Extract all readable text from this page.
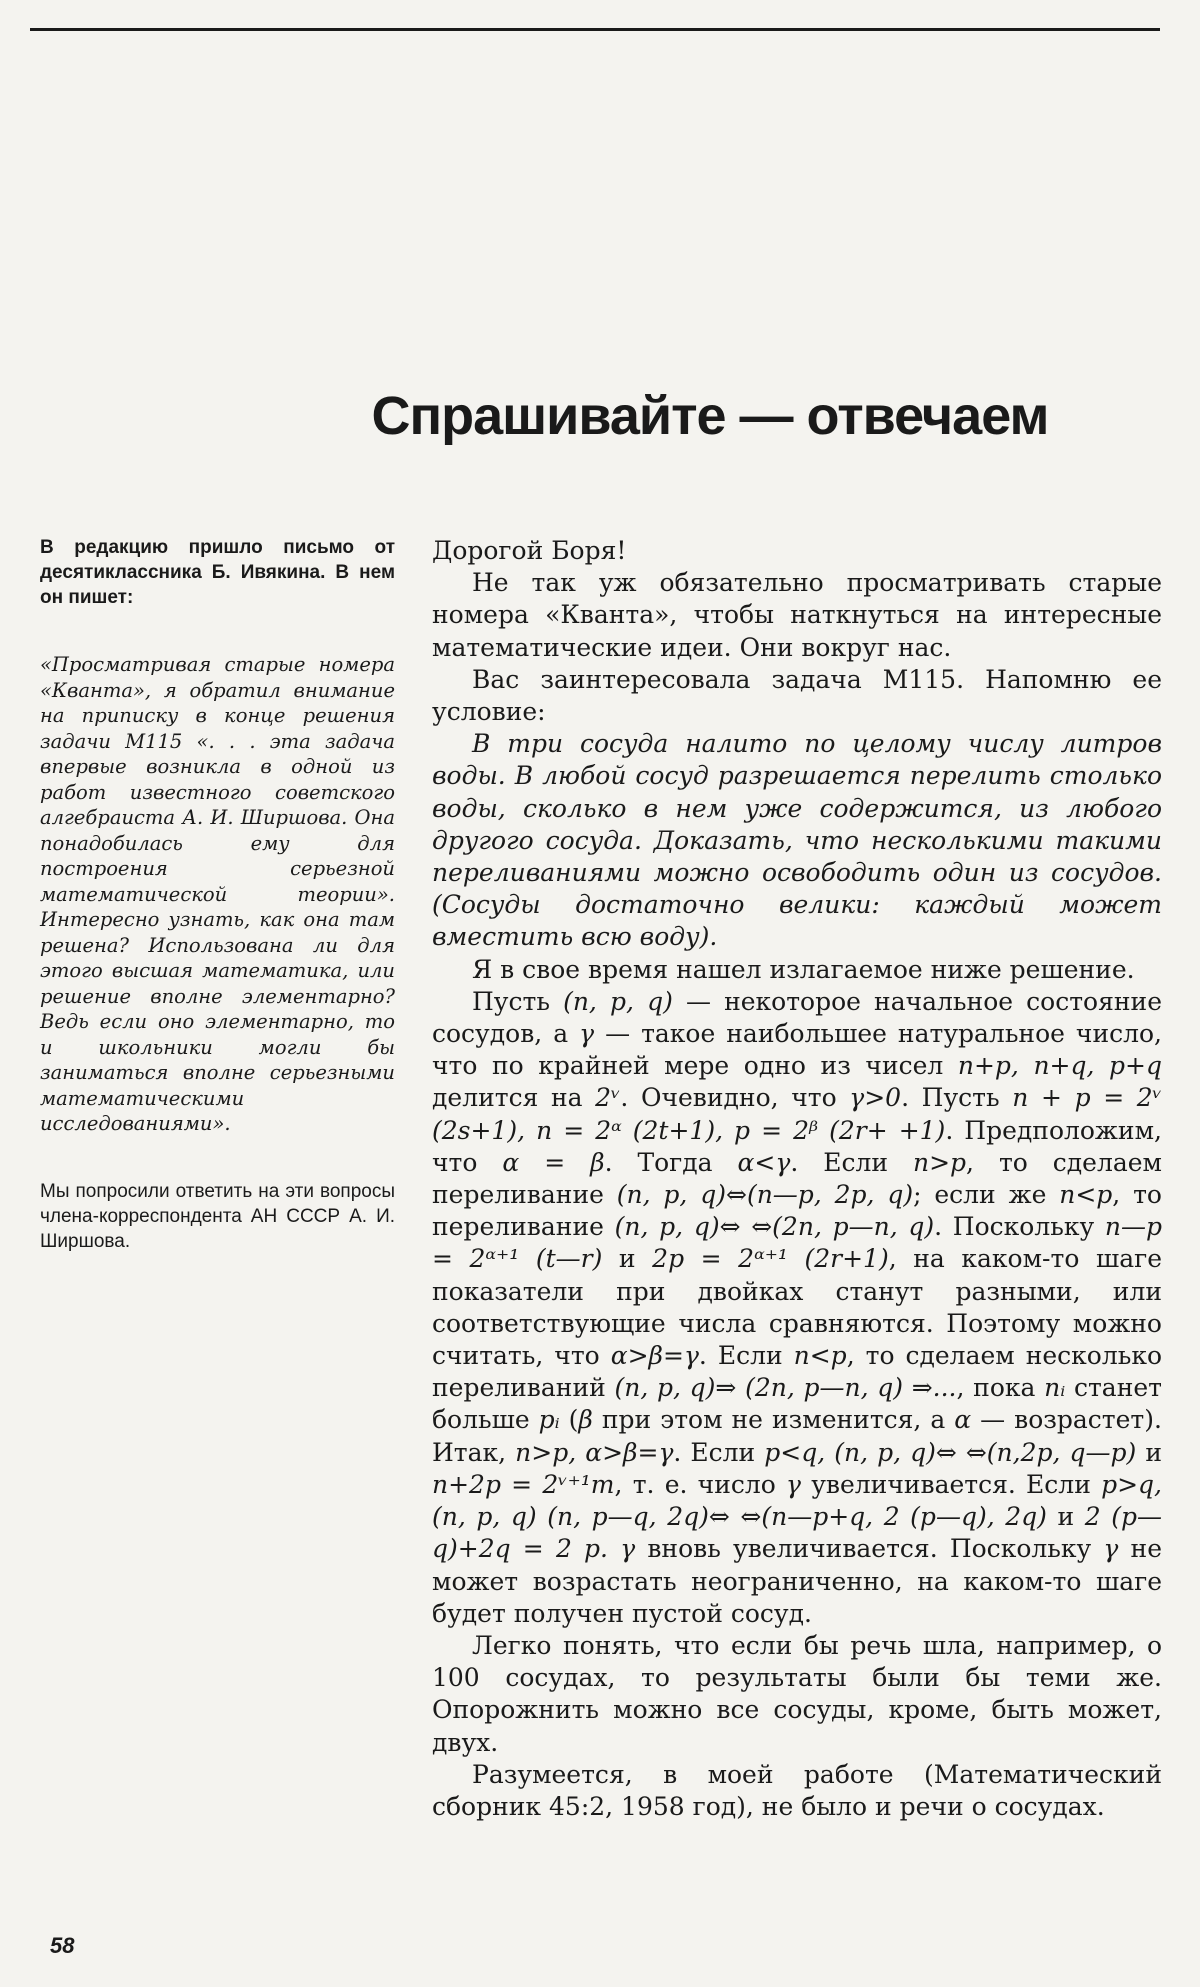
Спрашивайте — отвечаем

В редакцию пришло письмо от десятиклассника Б. Ивякина. В нем он пишет:

«Просматривая старые номера «Кванта», я обратил внимание на приписку в конце решения задачи М115 «. . . эта задача впервые возникла в одной из работ известного советского алгебраиста А. И. Ширшова. Она понадобилась ему для построения серьезной математической теории». Интересно узнать, как она там решена? Использована ли для этого высшая математика, или решение вполне элементарно? Ведь если оно элементарно, то и школьники могли бы заниматься вполне серьезными математическими исследованиями».

Мы попросили ответить на эти вопросы члена-корреспондента АН СССР А. И. Ширшова.

Дорогой Боря!

Не так уж обязательно просматривать старые номера «Кванта», чтобы наткнуться на интересные математические идеи. Они вокруг нас.

Вас заинтересовала задача М115. Напомню ее условие:

В три сосуда налито по целому числу литров воды. В любой сосуд разрешается перелить столько воды, сколько в нем уже содержится, из любого другого сосуда. Доказать, что несколькими такими переливаниями можно освободить один из сосудов. (Сосуды достаточно велики: каждый может вместить всю воду).

Я в свое время нашел излагаемое ниже решение.

Пусть (n, p, q) — некоторое начальное состояние сосудов, а γ — такое наибольшее натуральное число, что по крайней мере одно из чисел n+p, n+q, p+q делится на 2ᵛ. Очевидно, что γ>0. Пусть n + p = 2ᵛ (2s+1), n = 2ᵅ (2t+1), p = 2ᵝ (2r+ +1). Предположим, что α = β. Тогда α<γ. Если n>p, то сделаем переливание (n, p, q)⇔(n—p, 2p, q); если же n<p, то переливание (n, p, q)⇔ ⇔(2n, p—n, q). Поскольку n—p = 2ᵅ⁺¹ (t—r) и 2p = 2ᵅ⁺¹ (2r+1), на каком-то шаге показатели при двойках станут разными, или соответствующие числа сравняются. Поэтому можно считать, что α>β=γ. Если n<p, то сделаем несколько переливаний (n, p, q)⇒ (2n, p—n, q) ⇒..., пока nᵢ станет больше pᵢ (β при этом не изменится, а α — возрастет). Итак, n>p, α>β=γ. Если p<q, (n, p, q)⇔ ⇔(n,2p, q—p) и n+2p = 2ᵛ⁺¹m, т. е. число γ увеличивается. Если p>q, (n, p, q) (n, p—q, 2q)⇔ ⇔(n—p+q, 2 (p—q), 2q) и 2 (p—q)+2q = 2 p. γ вновь увеличивается. Поскольку γ не может возрастать неограниченно, на каком-то шаге будет получен пустой сосуд.

Легко понять, что если бы речь шла, например, о 100 сосудах, то результаты были бы теми же. Опорожнить можно все сосуды, кроме, быть может, двух.

Разумеется, в моей работе (Математический сборник 45:2, 1958 год), не было и речи о сосудах.

58
